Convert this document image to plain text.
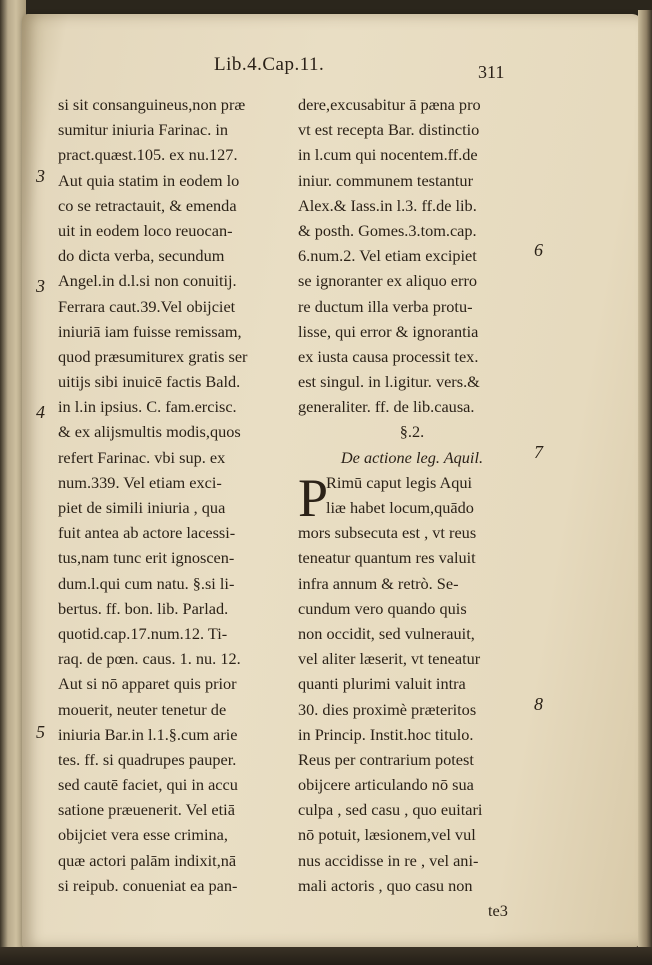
Lib.4.Cap.11.	311
3
3
4
5
6
7
8
si sit consanguineus,non præ
sumitur iniuria Farinac. in
pract.quæst.105. ex nu.127.
Aut quia statim in eodem lo
co se retractauit, & emenda
uit in eodem loco reuocan-
do dicta verba, secundum
Angel.in d.l.si non conuitij.
Ferrara caut.39.Vel obijciet
iniuriā iam fuisse remissam,
quod præsumiturex gratis ser
uitijs sibi inuicē factis Bald.
in l.in ipsius. C. fam.ercisc.
& ex alijsmultis modis,quos
refert Farinac. vbi sup. ex
num.339. Vel etiam exci-
piet de simili iniuria , qua
fuit antea ab actore lacessi-
tus,nam tunc erit ignoscen-
dum.l.qui cum natu. §.si li-
bertus. ff. bon. lib. Parlad.
quotid.cap.17.num.12. Ti-
raq. de pœn. caus. 1. nu. 12.
Aut si nō apparet quis prior
mouerit, neuter tenetur de
iniuria Bar.in l.1.§.cum arie
tes. ff. si quadrupes pauper.
sed cautē faciet, qui in accu
satione præuenerit. Vel etiā
obijciet vera esse crimina,
quæ actori palām indixit,nā
si reipub. conueniat ea pan-
dere,excusabitur ā pæna pro
vt est recepta Bar. distinctio
in l.cum qui nocentem.ff.de
iniur. communem testantur
Alex.& Iass.in l.3. ff.de lib.
& posth. Gomes.3.tom.cap.
6.num.2. Vel etiam excipiet
se ignoranter ex aliquo erro
re ductum illa verba protu-
lisse, qui error & ignorantia
ex iusta causa processit tex.
est singul. in l.igitur. vers.&
generaliter. ff. de lib.causa.
§.2.
De actione leg. Aquil.
P
Rimū caput legis Aqui
liæ habet locum,quādo
mors subsecuta est , vt reus
teneatur quantum res valuit
infra annum & retrò. Se-
cundum vero quando quis
non occidit, sed vulnerauit,
vel aliter læserit, vt teneatur
quanti plurimi valuit intra
30. dies proximè præteritos
in Princip. Instit.hoc titulo.
Reus per contrarium potest
obijcere articulando nō sua
culpa , sed casu , quo euitari
nō potuit, læsionem,vel vul
nus accidisse in re , vel ani-
mali actoris , quo casu non
te3
